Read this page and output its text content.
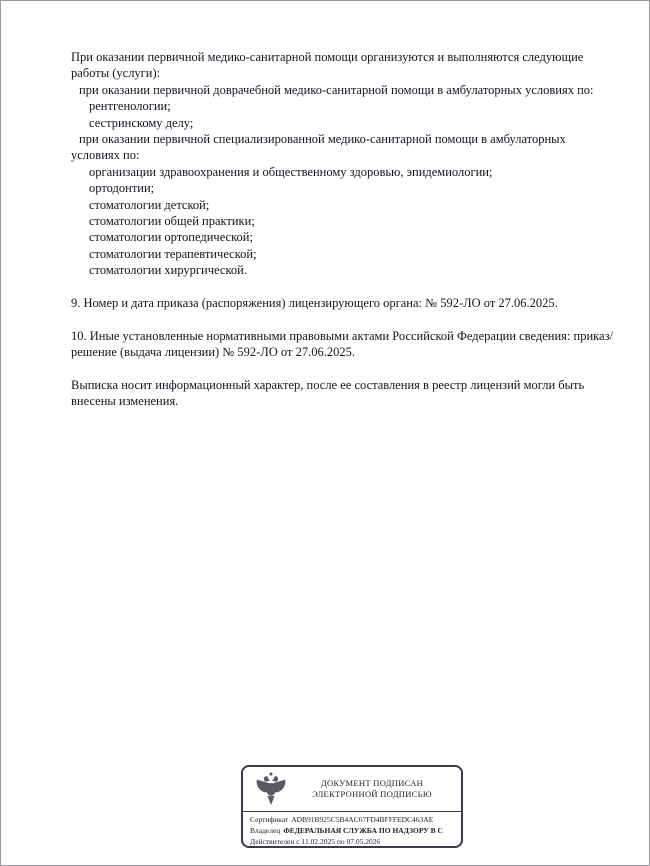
При оказании первичной медико-санитарной помощи организуются и выполняются следующие работы (услуги):

при оказании первичной доврачебной медико-санитарной помощи в амбулаторных условиях по:

рентгенологии;

сестринскому делу;

при оказании первичной специализированной медико-санитарной помощи в амбулаторных условиях по:

организации здравоохранения и общественному здоровью, эпидемиологии;

ортодонтии;

стоматологии детской;

стоматологии общей практики;

стоматологии ортопедической;

стоматологии терапевтической;

стоматологии хирургической.

9. Номер и дата приказа (распоряжения) лицензирующего органа: № 592-ЛО от 27.06.2025.

10. Иные установленные нормативными правовыми актами Российской Федерации сведения: приказ/решение (выдача лицензии) № 592-ЛО от 27.06.2025.

Выписка носит информационный характер, после ее составления в реестр лицензий могли быть внесены изменения.

ДОКУМЕНТ ПОДПИСАН
ЭЛЕКТРОННОЙ ПОДПИСЬЮ
Сертификат ADB91B925C5B4AC67FD4BFFFEDC463AE
Владелец ФЕДЕРАЛЬНАЯ СЛУЖБА ПО НАДЗОРУ В С
Действителен с 11.02.2025 по 07.05.2026
